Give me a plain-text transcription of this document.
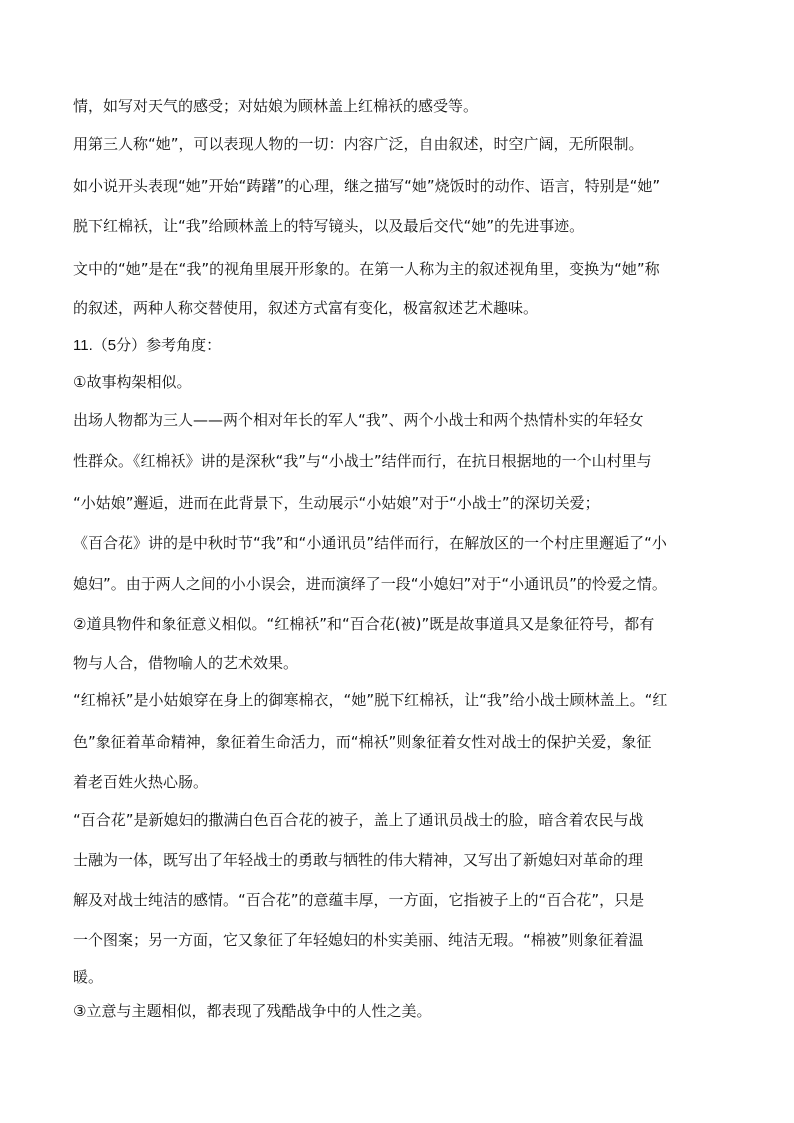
情，如写对天气的感受；对姑娘为顾林盖上红棉袄的感受等。

用第三人称“她”，可以表现人物的一切：内容广泛，自由叙述，时空广阔，无所限制。

如小说开头表现“她”开始“踌躇”的心理，继之描写“她”烧饭时的动作、语言，特别是“她”

脱下红棉袄，让“我”给顾林盖上的特写镜头，以及最后交代“她”的先进事迹。

文中的“她”是在“我”的视角里展开形象的。在第一人称为主的叙述视角里，变换为“她”称

的叙述，两种人称交替使用，叙述方式富有变化，极富叙述艺术趣味。

11.（5分）参考角度：

①故事构架相似。

出场人物都为三人——两个相对年长的军人“我”、两个小战士和两个热情朴实的年轻女

性群众。《红棉袄》讲的是深秋“我”与“小战士”结伴而行，在抗日根据地的一个山村里与

“小姑娘”邂逅，进而在此背景下，生动展示“小姑娘”对于“小战士”的深切关爱；

《百合花》讲的是中秋时节“我”和“小通讯员”结伴而行，在解放区的一个村庄里邂逅了“小

媳妇”。由于两人之间的小小误会，进而演绎了一段“小媳妇”对于“小通讯员”的怜爱之情。

②道具物件和象征意义相似。“红棉袄”和“百合花(被)”既是故事道具又是象征符号，都有

物与人合，借物喻人的艺术效果。

“红棉袄”是小姑娘穿在身上的御寒棉衣，“她”脱下红棉袄，让“我”给小战士顾林盖上。“红

色”象征着革命精神，象征着生命活力，而“棉袄”则象征着女性对战士的保护关爱，象征

着老百姓火热心肠。

“百合花”是新媳妇的撒满白色百合花的被子，盖上了通讯员战士的脸，暗含着农民与战

士融为一体，既写出了年轻战士的勇敢与牺牲的伟大精神，又写出了新媳妇对革命的理

解及对战士纯洁的感情。“百合花”的意蕴丰厚，一方面，它指被子上的“百合花”，只是

一个图案；另一方面，它又象征了年轻媳妇的朴实美丽、纯洁无瑕。“棉被”则象征着温

暖。

③立意与主题相似，都表现了残酷战争中的人性之美。
